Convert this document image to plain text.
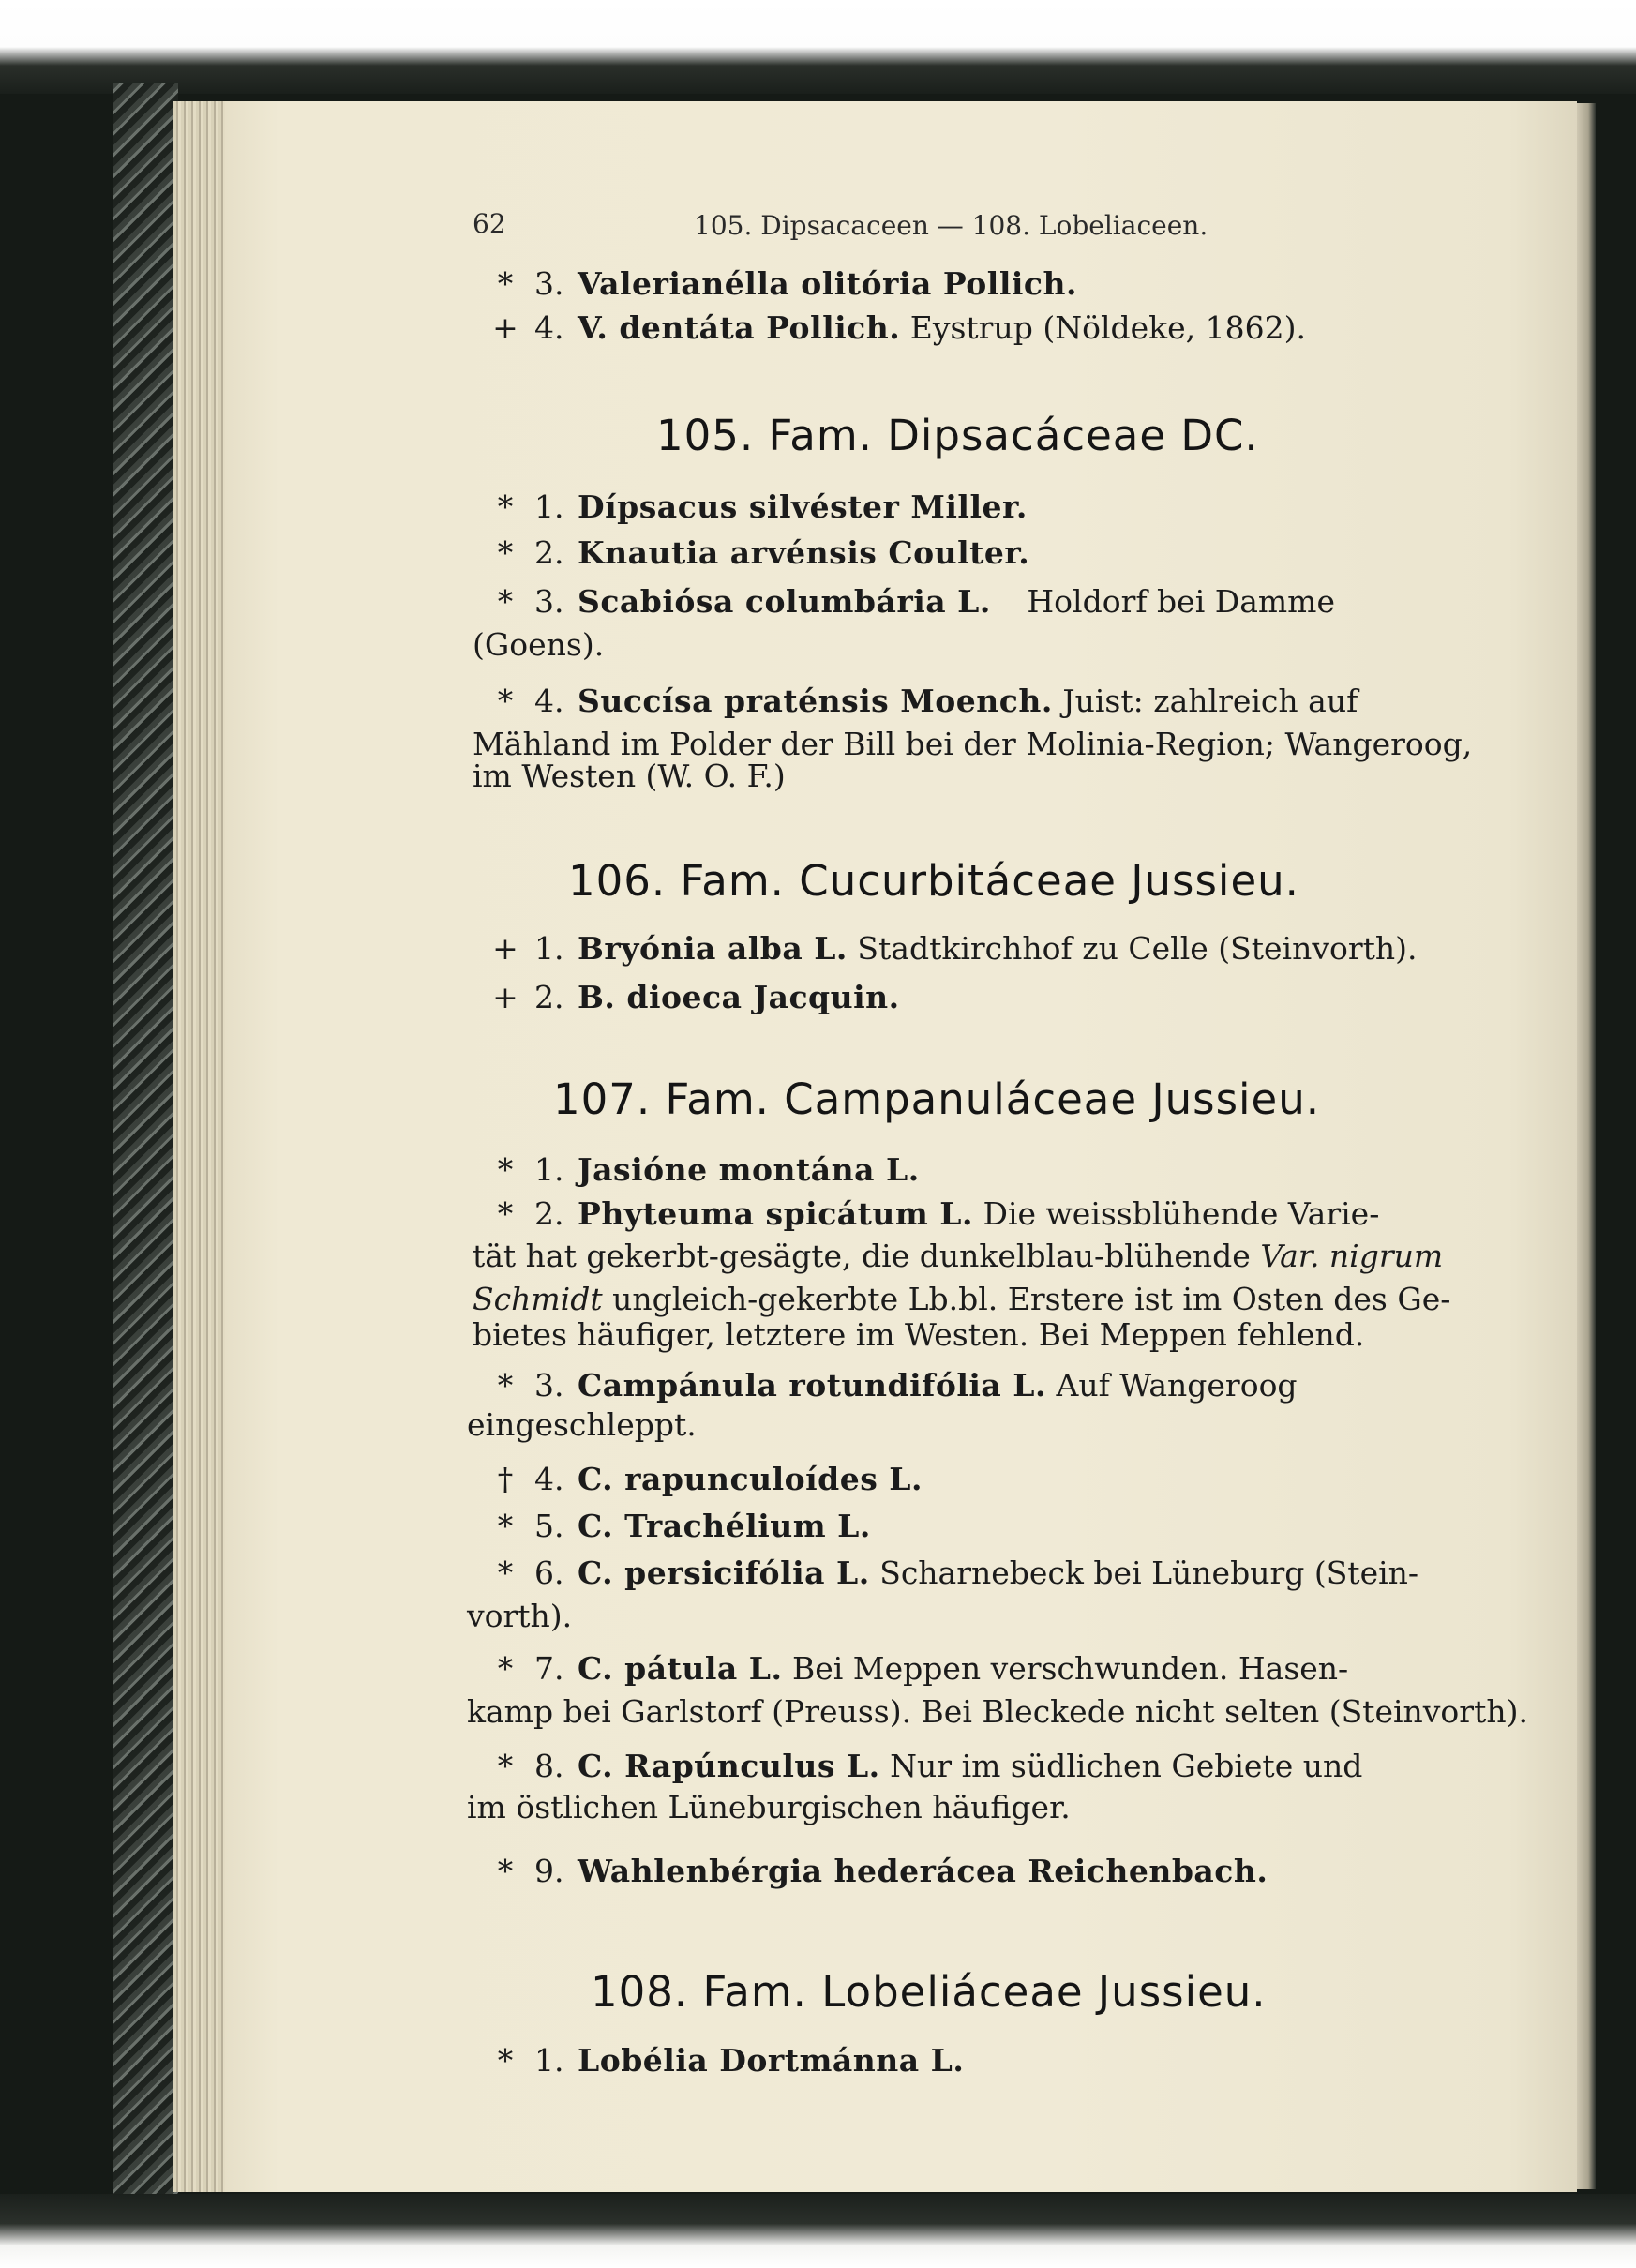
62	105. Dipsacaceen — 108. Lobeliaceen.
* 3. Valerianélla olitória Pollich.
+ 4. V. dentáta Pollich. Eystrup (Nöldeke, 1862).
105. Fam. Dipsacáceae DC.
* 1. Dípsacus silvéster Miller.
* 2. Knautia arvénsis Coulter.
* 3. Scabiósa columbária L. Holdorf bei Damme
(Goens).
* 4. Succísa praténsis Moench. Juist: zahlreich auf
Mähland im Polder der Bill bei der Molinia-Region; Wangeroog,
im Westen (W. O. F.)
106. Fam. Cucurbitáceae Jussieu.
+ 1. Bryónia alba L. Stadtkirchhof zu Celle (Steinvorth).
+ 2. B. dioeca Jacquin.
107. Fam. Campanuláceae Jussieu.
* 1. Jasióne montána L.
* 2. Phyteuma spicátum L. Die weissblühende Varie-
tät hat gekerbt-gesägte, die dunkelblau-blühende Var. nigrum
Schmidt ungleich-gekerbte Lb.bl. Erstere ist im Osten des Ge-
bietes häufiger, letztere im Westen. Bei Meppen fehlend.
* 3. Campánula rotundifólia L. Auf Wangeroog
eingeschleppt.
† 4. C. rapunculoídes L.
* 5. C. Trachélium L.
* 6. C. persicifólia L. Scharnebeck bei Lüneburg (Stein-
vorth).
* 7. C. pátula L. Bei Meppen verschwunden. Hasen-
kamp bei Garlstorf (Preuss). Bei Bleckede nicht selten (Steinvorth).
* 8. C. Rapúnculus L. Nur im südlichen Gebiete und
im östlichen Lüneburgischen häufiger.
* 9. Wahlenbérgia hederácea Reichenbach.
108. Fam. Lobeliáceae Jussieu.
* 1. Lobélia Dortmánna L.
